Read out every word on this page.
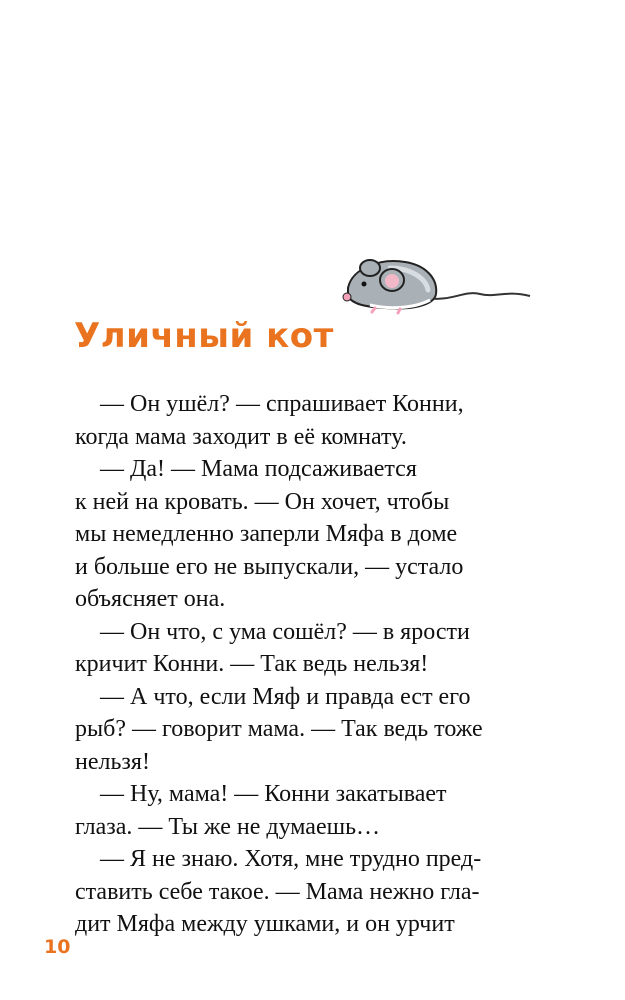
Уличный кот
— Он ушёл? — спрашивает Конни,
когда мама заходит в её комнату.
— Да! — Мама подсаживается
к ней на кровать. — Он хочет, чтобы
мы немедленно заперли Мяфа в доме
и больше его не выпускали, — устало
объясняет она.
— Он что, с ума сошёл? — в ярости
кричит Конни. — Так ведь нельзя!
— А что, если Мяф и правда ест его
рыб? — говорит мама. — Так ведь тоже
нельзя!
— Ну, мама! — Конни закатывает
глаза. — Ты же не думаешь…
— Я не знаю. Хотя, мне трудно пред-
ставить себе такое. — Мама нежно гла-
дит Мяфа между ушками, и он урчит
10
